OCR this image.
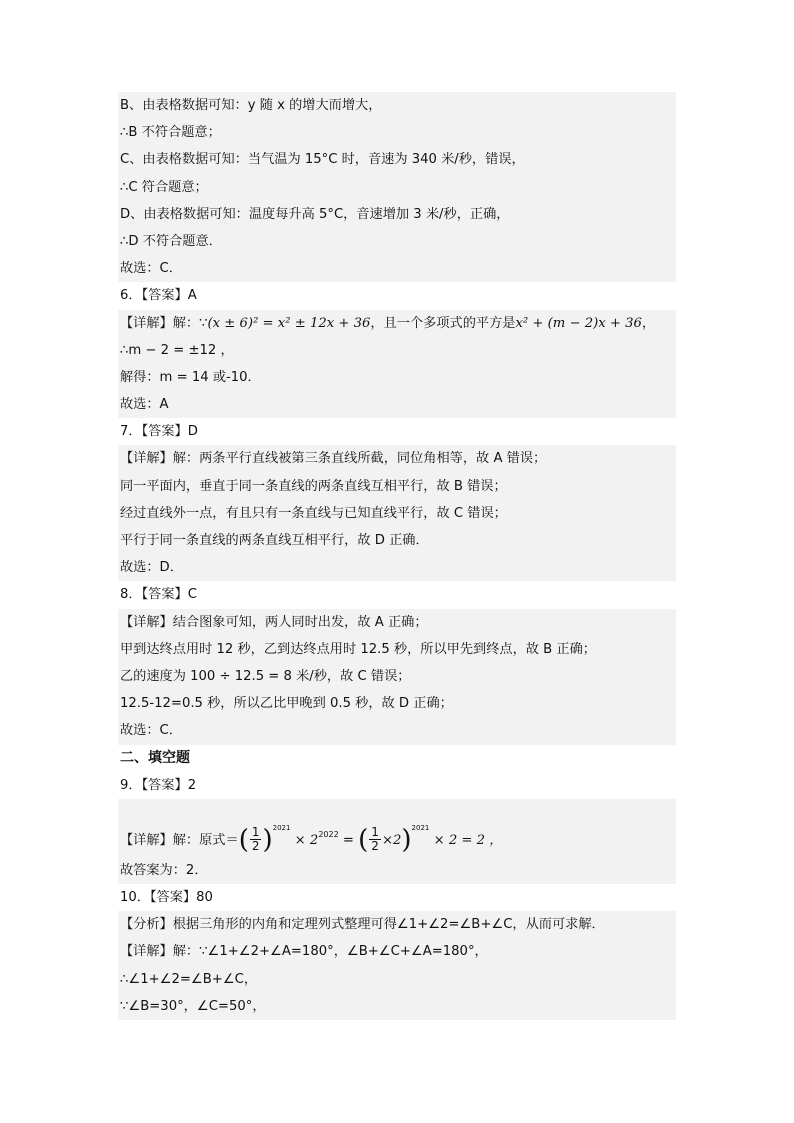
B、由表格数据可知：y 随 x 的增大而增大，
∴B 不符合题意；
C、由表格数据可知：当气温为 15°C 时，音速为 340 米/秒，错误，
∴C 符合题意；
D、由表格数据可知：温度每升高 5°C，音速增加 3 米/秒，正确，
∴D 不符合题意．
故选：C．
6．【答案】A
【详解】解：∵(x ± 6)² = x² ± 12x + 36，且一个多项式的平方是x² + (m − 2)x + 36，
∴m − 2 = ±12 ，
解得：m = 14 或-10．
故选：A
7．【答案】D
【详解】解：两条平行直线被第三条直线所截，同位角相等，故 A 错误；
同一平面内，垂直于同一条直线的两条直线互相平行，故 B 错误；
经过直线外一点，有且只有一条直线与已知直线平行，故 C 错误；
平行于同一条直线的两条直线互相平行，故 D 正确．
故选：D．
8．【答案】C
【详解】结合图象可知，两人同时出发，故 A 正确；
甲到达终点用时 12 秒，乙到达终点用时 12.5 秒，所以甲先到终点，故 B 正确；
乙的速度为 100 ÷ 12.5 = 8 米/秒，故 C 错误；
12.5-12=0.5 秒，所以乙比甲晚到 0.5 秒，故 D 正确；
故选：C．
二、填空题
9．【答案】2
【详解】解：原式＝( $\frac{1}{2} )^{2021} \times 2^{2022}$ = ( $\frac{1}{2} \times 2)^{2021} \times 2 = 2$ ，
故答案为：2．
10．【答案】80
【分析】根据三角形的内角和定理列式整理可得∠1+∠2=∠B+∠C，从而可求解．
【详解】解：∵∠1+∠2+∠A=180°，∠B+∠C+∠A=180°，
∴∠1+∠2=∠B+∠C，
∵∠B=30°，∠C=50°，
